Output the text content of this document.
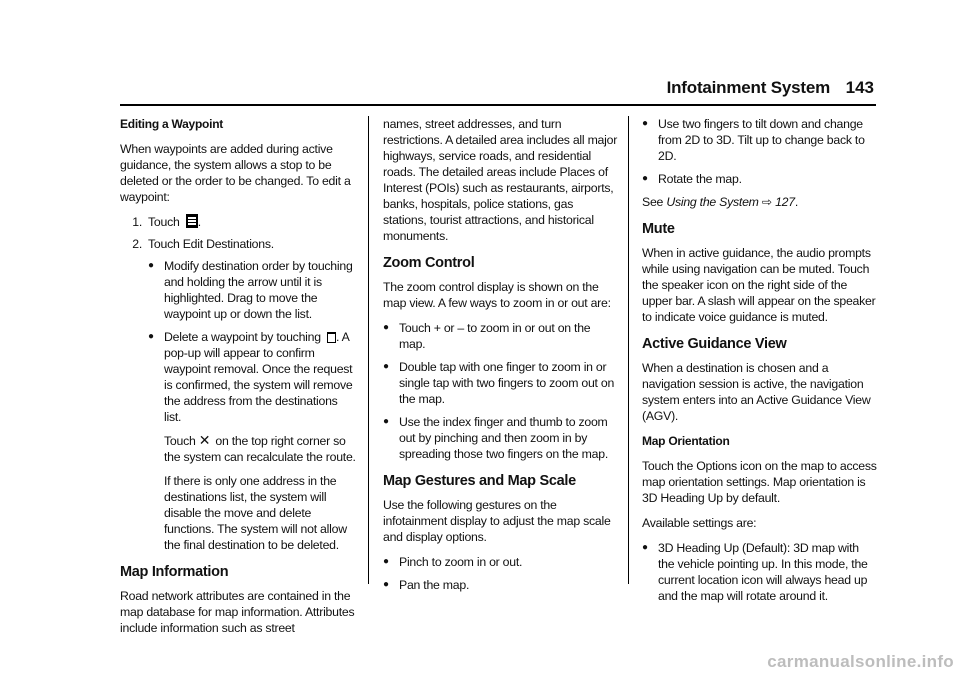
Infotainment System 143
Editing a Waypoint

When waypoints are added during active guidance, the system allows a stop to be deleted or the order to be changed. To edit a waypoint:

1. Touch .
2. Touch Edit Destinations.
● Modify destination order by touching and holding the arrow until it is highlighted. Drag to move the waypoint up or down the list.
● Delete a waypoint by touching . A pop-up will appear to confirm waypoint removal. Once the request is confirmed, the system will remove the address from the destinations list.

Touch ✕ on the top right corner so the system can recalculate the route.

If there is only one address in the destinations list, the system will disable the move and delete functions. The system will not allow the final destination to be deleted.

Map Information

Road network attributes are contained in the map database for map information. Attributes include information such as street

names, street addresses, and turn restrictions. A detailed area includes all major highways, service roads, and residential roads. The detailed areas include Places of Interest (POIs) such as restaurants, airports, banks, hospitals, police stations, gas stations, tourist attractions, and historical monuments.

Zoom Control

The zoom control display is shown on the map view. A few ways to zoom in or out are:

● Touch + or – to zoom in or out on the map.
● Double tap with one finger to zoom in or single tap with two fingers to zoom out on the map.
● Use the index finger and thumb to zoom out by pinching and then zoom in by spreading those two fingers on the map.
Map Gestures and Map Scale

Use the following gestures on the infotainment display to adjust the map scale and display options.

● Pinch to zoom in or out.
● Pan the map.
● Use two fingers to tilt down and change from 2D to 3D. Tilt up to change back to 2D.
● Rotate the map.

See Using the System ⇨ 127.

Mute

When in active guidance, the audio prompts while using navigation can be muted. Touch the speaker icon on the right side of the upper bar. A slash will appear on the speaker to indicate voice guidance is muted.

Active Guidance View

When a destination is chosen and a navigation session is active, the navigation system enters into an Active Guidance View (AGV).

Map Orientation

Touch the Options icon on the map to access map orientation settings. Map orientation is 3D Heading Up by default.

Available settings are:

● 3D Heading Up (Default): 3D map with the vehicle pointing up. In this mode, the current location icon will always head up and the map will rotate around it.
carmanualsonline.info
